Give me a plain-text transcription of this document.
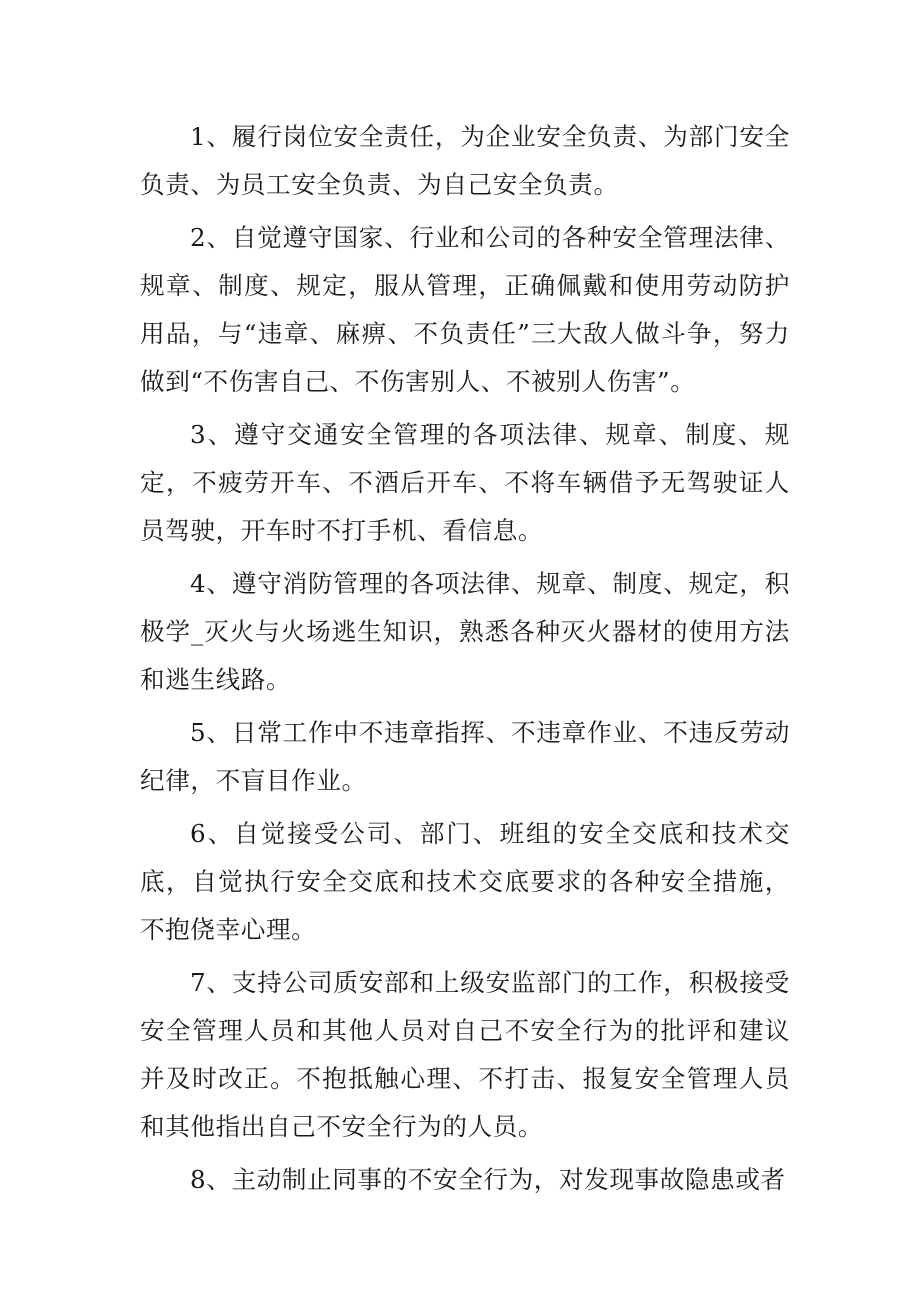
1、履行岗位安全责任，为企业安全负责、为部门安全负责、为员工安全负责、为自己安全负责。

2、自觉遵守国家、行业和公司的各种安全管理法律、规章、制度、规定，服从管理，正确佩戴和使用劳动防护用品，与“违章、麻痹、不负责任”三大敌人做斗争，努力做到“不伤害自己、不伤害别人、不被别人伤害”。

3、遵守交通安全管理的各项法律、规章、制度、规定，不疲劳开车、不酒后开车、不将车辆借予无驾驶证人员驾驶，开车时不打手机、看信息。

4、遵守消防管理的各项法律、规章、制度、规定，积极学_灭火与火场逃生知识，熟悉各种灭火器材的使用方法和逃生线路。

5、日常工作中不违章指挥、不违章作业、不违反劳动纪律，不盲目作业。

6、自觉接受公司、部门、班组的安全交底和技术交底，自觉执行安全交底和技术交底要求的各种安全措施，不抱侥幸心理。

7、支持公司质安部和上级安监部门的工作，积极接受安全管理人员和其他人员对自己不安全行为的批评和建议并及时改正。不抱抵触心理、不打击、报复安全管理人员和其他指出自己不安全行为的人员。

8、主动制止同事的不安全行为，对发现事故隐患或者
